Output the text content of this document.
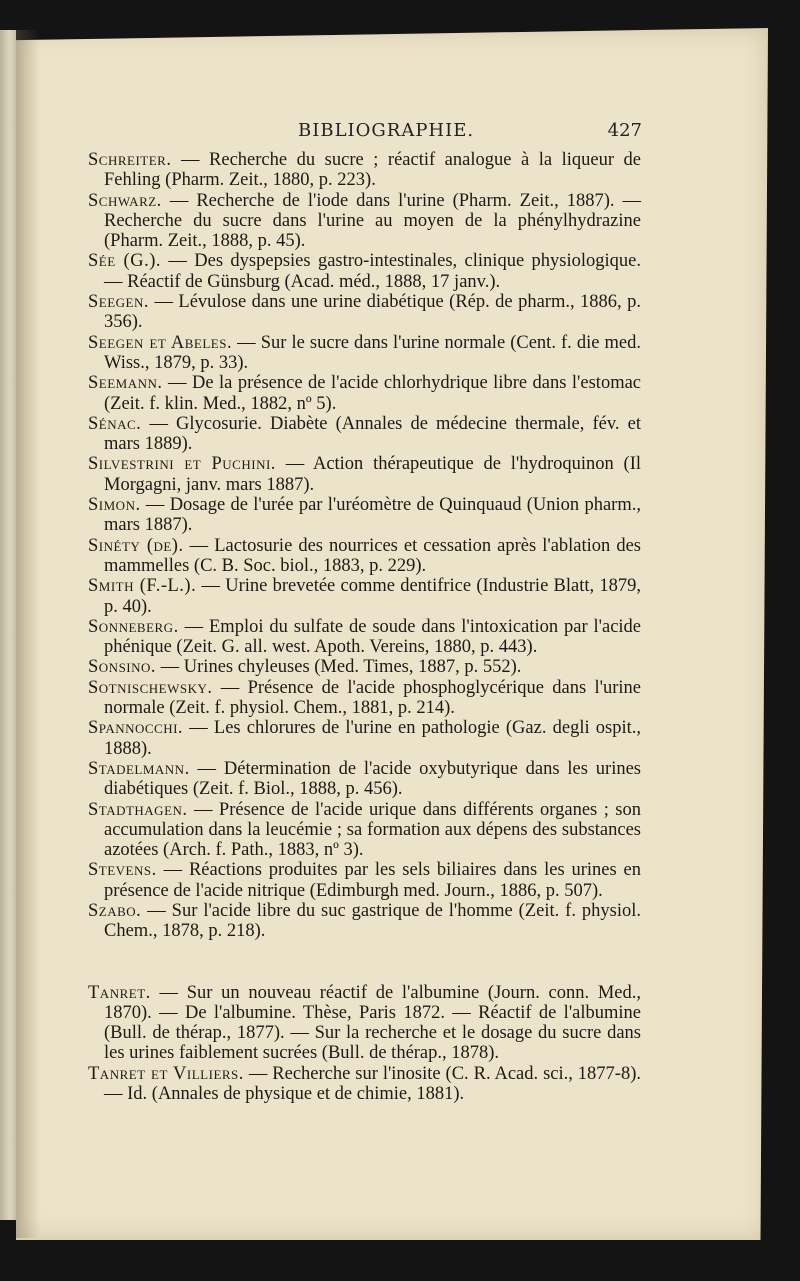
BIBLIOGRAPHIE.	427

Schreiter. — Recherche du sucre ; réactif analogue à la liqueur de Fehling (Pharm. Zeit., 1880, p. 223).

Schwarz. — Recherche de l'iode dans l'urine (Pharm. Zeit., 1887). — Recherche du sucre dans l'urine au moyen de la phénylhydrazine (Pharm. Zeit., 1888, p. 45).

Sée (G.). — Des dyspepsies gastro-intestinales, clinique physiologique. — Réactif de Günsburg (Acad. méd., 1888, 17 janv.).

Seegen. — Lévulose dans une urine diabétique (Rép. de pharm., 1886, p. 356).

Seegen et Abeles. — Sur le sucre dans l'urine normale (Cent. f. die med. Wiss., 1879, p. 33).

Seemann. — De la présence de l'acide chlorhydrique libre dans l'estomac (Zeit. f. klin. Med., 1882, nº 5).

Sénac. — Glycosurie. Diabète (Annales de médecine thermale, fév. et mars 1889).

Silvestrini et Puchini. — Action thérapeutique de l'hydroquinon (Il Morgagni, janv. mars 1887).

Simon. — Dosage de l'urée par l'uréomètre de Quinquaud (Union pharm., mars 1887).

Sinéty (de). — Lactosurie des nourrices et cessation après l'ablation des mammelles (C. B. Soc. biol., 1883, p. 229).

Smith (F.-L.). — Urine brevetée comme dentifrice (Industrie Blatt, 1879, p. 40).

Sonneberg. — Emploi du sulfate de soude dans l'intoxication par l'acide phénique (Zeit. G. all. west. Apoth. Vereins, 1880, p. 443).

Sonsino. — Urines chyleuses (Med. Times, 1887, p. 552).

Sotnischewsky. — Présence de l'acide phosphoglycérique dans l'urine normale (Zeit. f. physiol. Chem., 1881, p. 214).

Spannocchi. — Les chlorures de l'urine en pathologie (Gaz. degli ospit., 1888).

Stadelmann. — Détermination de l'acide oxybutyrique dans les urines diabétiques (Zeit. f. Biol., 1888, p. 456).

Stadthagen. — Présence de l'acide urique dans différents organes ; son accumulation dans la leucémie ; sa formation aux dépens des substances azotées (Arch. f. Path., 1883, nº 3).

Stevens. — Réactions produites par les sels biliaires dans les urines en présence de l'acide nitrique (Edimburgh med. Journ., 1886, p. 507).

Szabo. — Sur l'acide libre du suc gastrique de l'homme (Zeit. f. physiol. Chem., 1878, p. 218).

Tanret. — Sur un nouveau réactif de l'albumine (Journ. conn. Med., 1870). — De l'albumine. Thèse, Paris 1872. — Réactif de l'albumine (Bull. de thérap., 1877). — Sur la recherche et le dosage du sucre dans les urines faiblement sucrées (Bull. de thérap., 1878).

Tanret et Villiers. — Recherche sur l'inosite (C. R. Acad. sci., 1877-8). — Id. (Annales de physique et de chimie, 1881).
